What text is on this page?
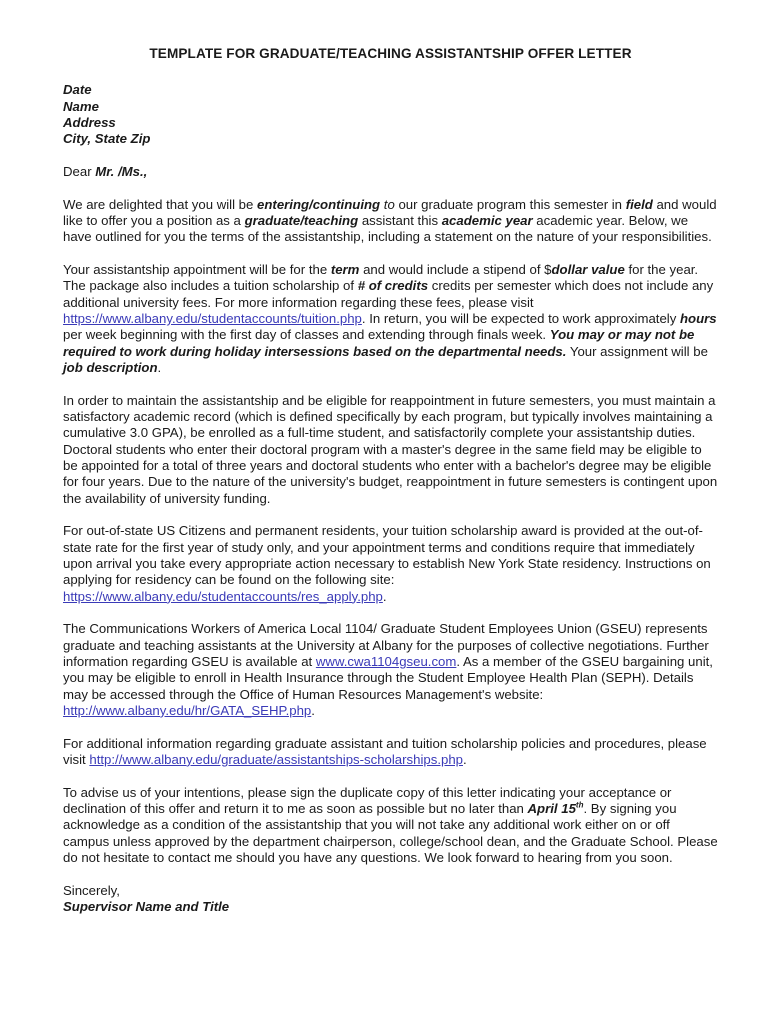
TEMPLATE FOR GRADUATE/TEACHING ASSISTANTSHIP OFFER LETTER
Date
Name
Address
City, State Zip
Dear Mr. /Ms.,
We are delighted that you will be entering/continuing to our graduate program this semester in field and would like to offer you a position as a graduate/teaching assistant this academic year academic year. Below, we have outlined for you the terms of the assistantship, including a statement on the nature of your responsibilities.
Your assistantship appointment will be for the term and would include a stipend of $dollar value for the year. The package also includes a tuition scholarship of # of credits credits per semester which does not include any additional university fees. For more information regarding these fees, please visit https://www.albany.edu/studentaccounts/tuition.php. In return, you will be expected to work approximately hours per week beginning with the first day of classes and extending through finals week. You may or may not be required to work during holiday intersessions based on the departmental needs. Your assignment will be job description.
In order to maintain the assistantship and be eligible for reappointment in future semesters, you must maintain a satisfactory academic record (which is defined specifically by each program, but typically involves maintaining a cumulative 3.0 GPA), be enrolled as a full-time student, and satisfactorily complete your assistantship duties. Doctoral students who enter their doctoral program with a master's degree in the same field may be eligible to be appointed for a total of three years and doctoral students who enter with a bachelor's degree may be eligible for four years. Due to the nature of the university's budget, reappointment in future semesters is contingent upon the availability of university funding.
For out-of-state US Citizens and permanent residents, your tuition scholarship award is provided at the out-of-state rate for the first year of study only, and your appointment terms and conditions require that immediately upon arrival you take every appropriate action necessary to establish New York State residency. Instructions on applying for residency can be found on the following site: https://www.albany.edu/studentaccounts/res_apply.php.
The Communications Workers of America Local 1104/ Graduate Student Employees Union (GSEU) represents graduate and teaching assistants at the University at Albany for the purposes of collective negotiations. Further information regarding GSEU is available at www.cwa1104gseu.com. As a member of the GSEU bargaining unit, you may be eligible to enroll in Health Insurance through the Student Employee Health Plan (SEPH). Details may be accessed through the Office of Human Resources Management's website: http://www.albany.edu/hr/GATA_SEHP.php.
For additional information regarding graduate assistant and tuition scholarship policies and procedures, please visit http://www.albany.edu/graduate/assistantships-scholarships.php.
To advise us of your intentions, please sign the duplicate copy of this letter indicating your acceptance or declination of this offer and return it to me as soon as possible but no later than April 15th. By signing you acknowledge as a condition of the assistantship that you will not take any additional work either on or off campus unless approved by the department chairperson, college/school dean, and the Graduate School. Please do not hesitate to contact me should you have any questions. We look forward to hearing from you soon.
Sincerely,
Supervisor Name and Title
